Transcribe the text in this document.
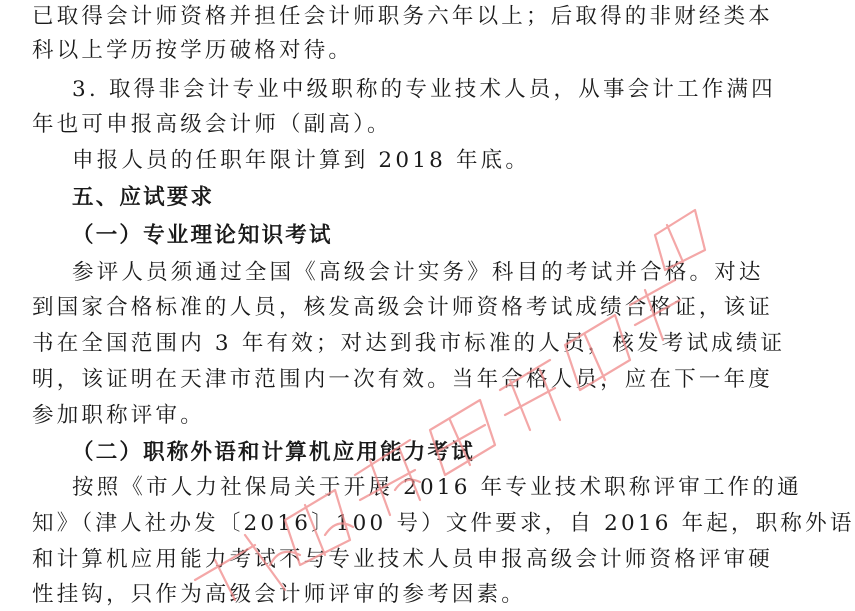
已取得会计师资格并担任会计师职务六年以上；后取得的非财经类本
科以上学历按学历破格对待。
3. 取得非会计专业中级职称的专业技术人员，从事会计工作满四
年也可申报高级会计师（副高）。
申报人员的任职年限计算到 2018 年底。
五、应试要求
（一）专业理论知识考试
参评人员须通过全国《高级会计实务》科目的考试并合格。对达
到国家合格标准的人员，核发高级会计师资格考试成绩合格证，该证
书在全国范围内 3 年有效；对达到我市标准的人员，核发考试成绩证
明，该证明在天津市范围内一次有效。当年合格人员，应在下一年度
参加职称评审。
（二）职称外语和计算机应用能力考试
按照《市人力社保局关于开展 2016 年专业技术职称评审工作的通
知》（津人社办发〔2016〕100 号）文件要求，自 2016 年起，职称外语
和计算机应用能力考试不与专业技术人员申报高级会计师资格评审硬
性挂钩，只作为高级会计师评审的参考因素。
